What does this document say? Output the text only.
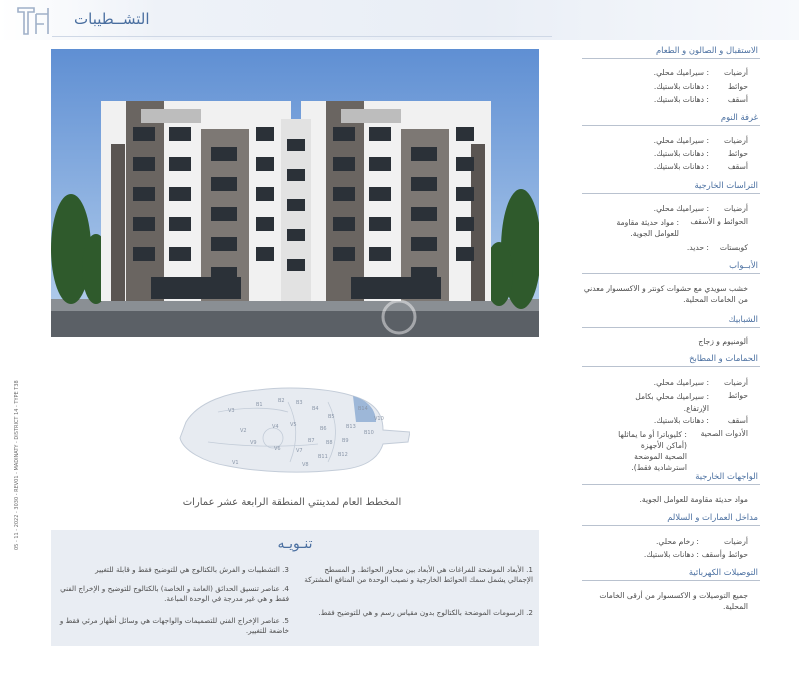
التشــطيبات
05 - 11 - 2022 - 3030 - REV01 - MADINATY - DISTRICT 14 - TYPE T38	B1
B2 B3
B4
B5
B6
B7 B8 B9
B10
B11 B12
B13
B14
V1
V2
V3
V4 V5
V6	V7
V8
V9
V10
المخطط العام لمدينتي المنطقة الرابعة عشر عمارات
تنـويـه
1. الأبعاد الموضحة للفراغات هي الأبعاد بين محاور الحوائط. و المسطح الإجمالي يشمل سمك الحوائط الخارجية و نصيب الوحدة من المنافع المشتركة
2. الرسومات الموضحة بالكتالوج بدون مقياس رسم و هي للتوضيح فقط.
3. التشطيبات و الفرش بالكتالوج هي للتوضيح فقط و قابلة للتغيير
4. عناصر تنسيق الحدائق (العامة و الخاصة) بالكتالوج للتوضيح و الإخراج الفني فقط و هي غير مدرجة في الوحدة المباعة.
5. عناصر الإخراج الفني للتصميمات والواجهات هي وسائل أظهار مرئي فقط و خاضعة للتغيير.
الاستقبال و الصالون و الطعام
أرضيات
: سيراميك محلي.
حوائط
: دهانات بلاستيك.
أسقف
: دهانات بلاستيك.
غرفة النوم
أرضيات
: سيراميك محلي.
حوائط
: دهانات بلاستيك.
أسقف
: دهانات بلاستيك.
التراسات الخارجية
أرضيات
: سيراميك محلي.
الحوائط و الأسقف
: مواد حديثة مقاومة للعوامل الجوية.
كوبستات
: حديد.
الأبــواب
خشب سويدي مع حشوات كونتر و الاكسسوار معدني من الخامات المحلية.
الشبابيك
ألومنيوم و زجاج
الحمامات و المطابخ
أرضيات
: سيراميك محلي.
حوائط
: سيراميك محلي بكامل الإرتفاع.
أسقف
: دهانات بلاستيك.
الأدوات الصحية
: كليوباترا أو ما يماثلها (أماكن الأجهزة الصحية الموضحة استرشادية فقط).
الواجهات الخارجية
مواد حديثة مقاومة للعوامل الجوية.
مداخل العمارات و السلالم
أرضيات
: رخام محلي.
حوائط وأسقف
: دهانات بلاستيك.
التوصيلات الكهربائية
جميع التوصيلات و الاكسسوار من أرقى الخامات المحلية.
